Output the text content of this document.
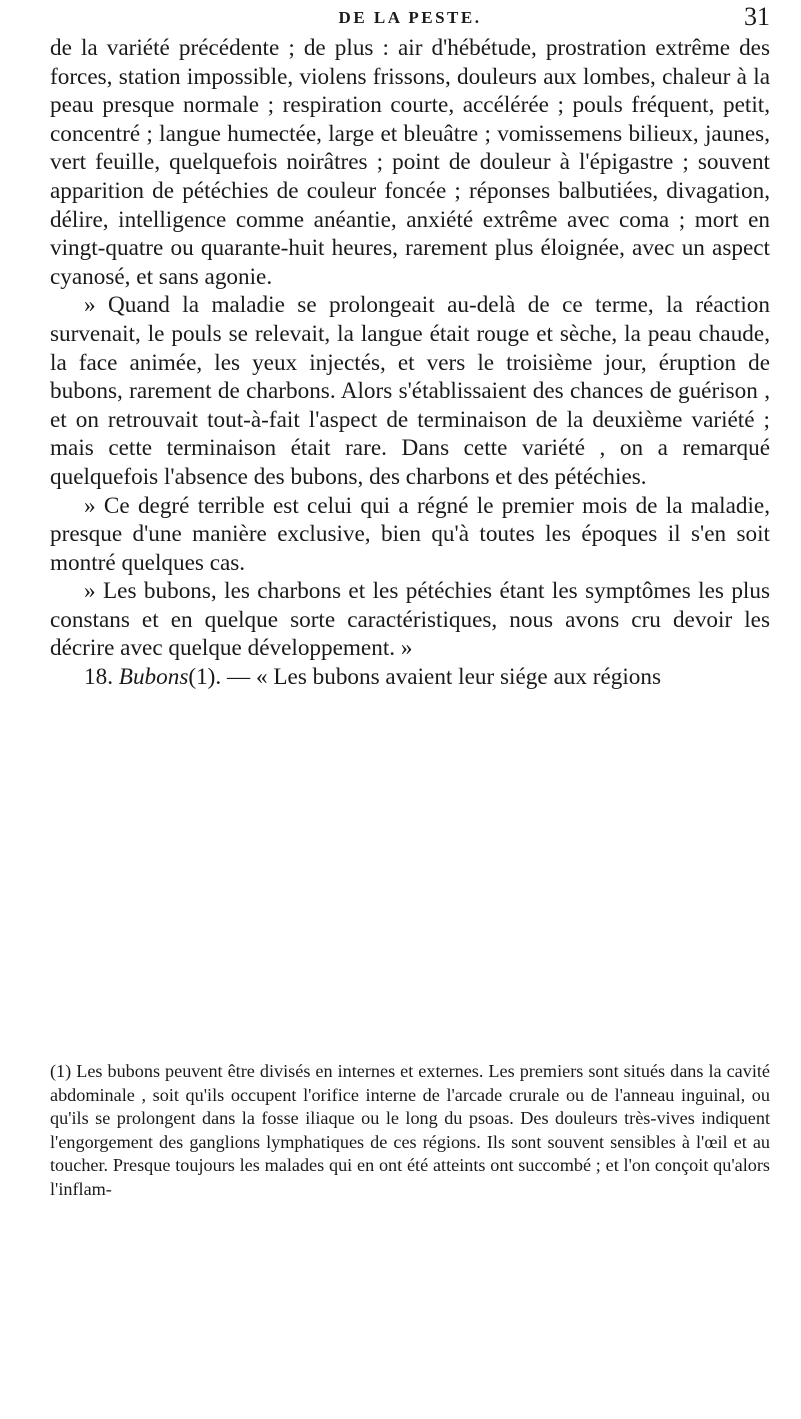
DE LA PESTE.	31

de la variété précédente ; de plus : air d'hébétude, prostration extrême des forces, station impossible, violens frissons, douleurs aux lombes, chaleur à la peau presque normale ; respiration courte, accélérée ; pouls fréquent, petit, concentré ; langue humectée, large et bleuâtre ; vomissemens bilieux, jaunes, vert feuille, quelquefois noirâtres ; point de douleur à l'épigastre ; souvent apparition de pétéchies de couleur foncée ; réponses balbutiées, divagation, délire, intelligence comme anéantie, anxiété extrême avec coma ; mort en vingt-quatre ou quarante-huit heures, rarement plus éloignée, avec un aspect cyanosé, et sans agonie.

» Quand la maladie se prolongeait au-delà de ce terme, la réaction survenait, le pouls se relevait, la langue était rouge et sèche, la peau chaude, la face animée, les yeux injectés, et vers le troisième jour, éruption de bubons, rarement de charbons. Alors s'établissaient des chances de guérison , et on retrouvait tout-à-fait l'aspect de terminaison de la deuxième variété ; mais cette terminaison était rare. Dans cette variété , on a remarqué quelquefois l'absence des bubons, des charbons et des pétéchies.

» Ce degré terrible est celui qui a régné le premier mois de la maladie, presque d'une manière exclusive, bien qu'à toutes les époques il s'en soit montré quelques cas.

» Les bubons, les charbons et les pétéchies étant les symptômes les plus constans et en quelque sorte caractéristiques, nous avons cru devoir les décrire avec quelque développement. »

18. Bubons(1). — « Les bubons avaient leur siége aux régions

(1) Les bubons peuvent être divisés en internes et externes. Les premiers sont situés dans la cavité abdominale , soit qu'ils occupent l'orifice interne de l'arcade crurale ou de l'anneau inguinal, ou qu'ils se prolongent dans la fosse iliaque ou le long du psoas. Des douleurs très-vives indiquent l'engorgement des ganglions lymphatiques de ces régions. Ils sont souvent sensibles à l'œil et au toucher. Presque toujours les malades qui en ont été atteints ont succombé ; et l'on conçoit qu'alors l'inflam-
